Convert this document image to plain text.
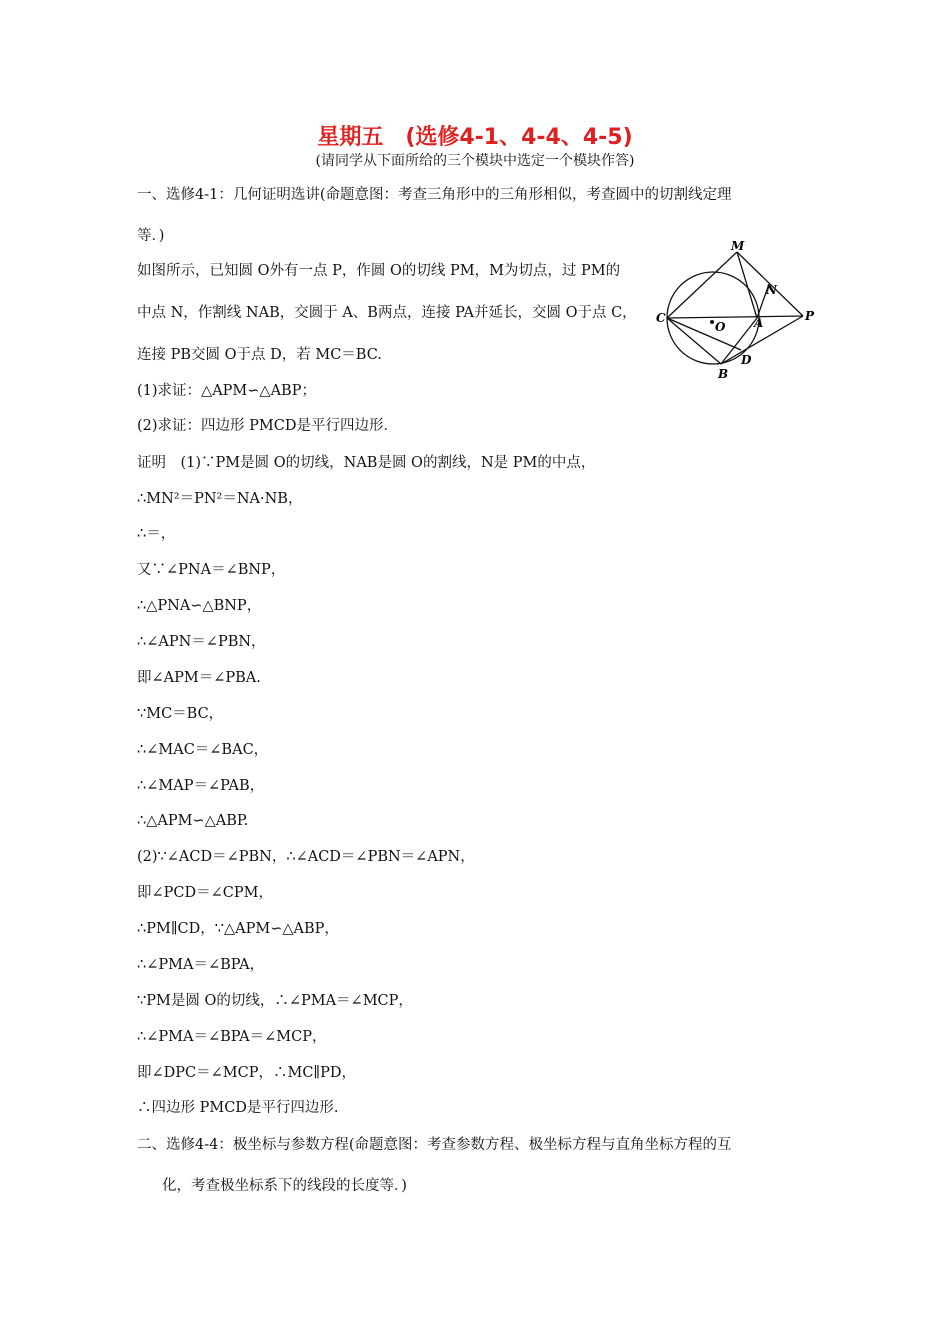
星期五　(选修4-1、4-4、4-5)
(请同学从下面所给的三个模块中选定一个模块作答)
一、选修4-1：几何证明选讲(命题意图：考查三角形中的三角形相似，考查圆中的切割线定理
等．)
如图所示，已知圆 O外有一点 P，作圆 O的切线 PM，M为切点，过 PM的
中点 N，作割线 NAB，交圆于 A、B两点，连接 PA并延长，交圆 O于点 C，
连接 PB交圆 O于点 D，若 MC＝BC.
(1)求证：△APM∽△ABP；
(2)求证：四边形 PMCD是平行四边形．
证明　(1)∵PM是圆 O的切线，NAB是圆 O的割线，N是 PM的中点，
∴MN²＝PN²＝NA·NB，
∴＝，
又∵∠PNA＝∠BNP，
∴△PNA∽△BNP，
∴∠APN＝∠PBN，
即∠APM＝∠PBA.
∵MC＝BC，
∴∠MAC＝∠BAC，
∴∠MAP＝∠PAB，
∴△APM∽△ABP.
(2)∵∠ACD＝∠PBN，∴∠ACD＝∠PBN＝∠APN，
即∠PCD＝∠CPM，
∴PM∥CD，∵△APM∽△ABP，
∴∠PMA＝∠BPA，
∵PM是圆 O的切线，∴∠PMA＝∠MCP，
∴∠PMA＝∠BPA＝∠MCP，
即∠DPC＝∠MCP，∴MC∥PD，
∴四边形 PMCD是平行四边形.
二、选修4-4：极坐标与参数方程(命题意图：考查参数方程、极坐标方程与直角坐标方程的互
化，考查极坐标系下的线段的长度等．)
M
N
C
O A	P
B
D
